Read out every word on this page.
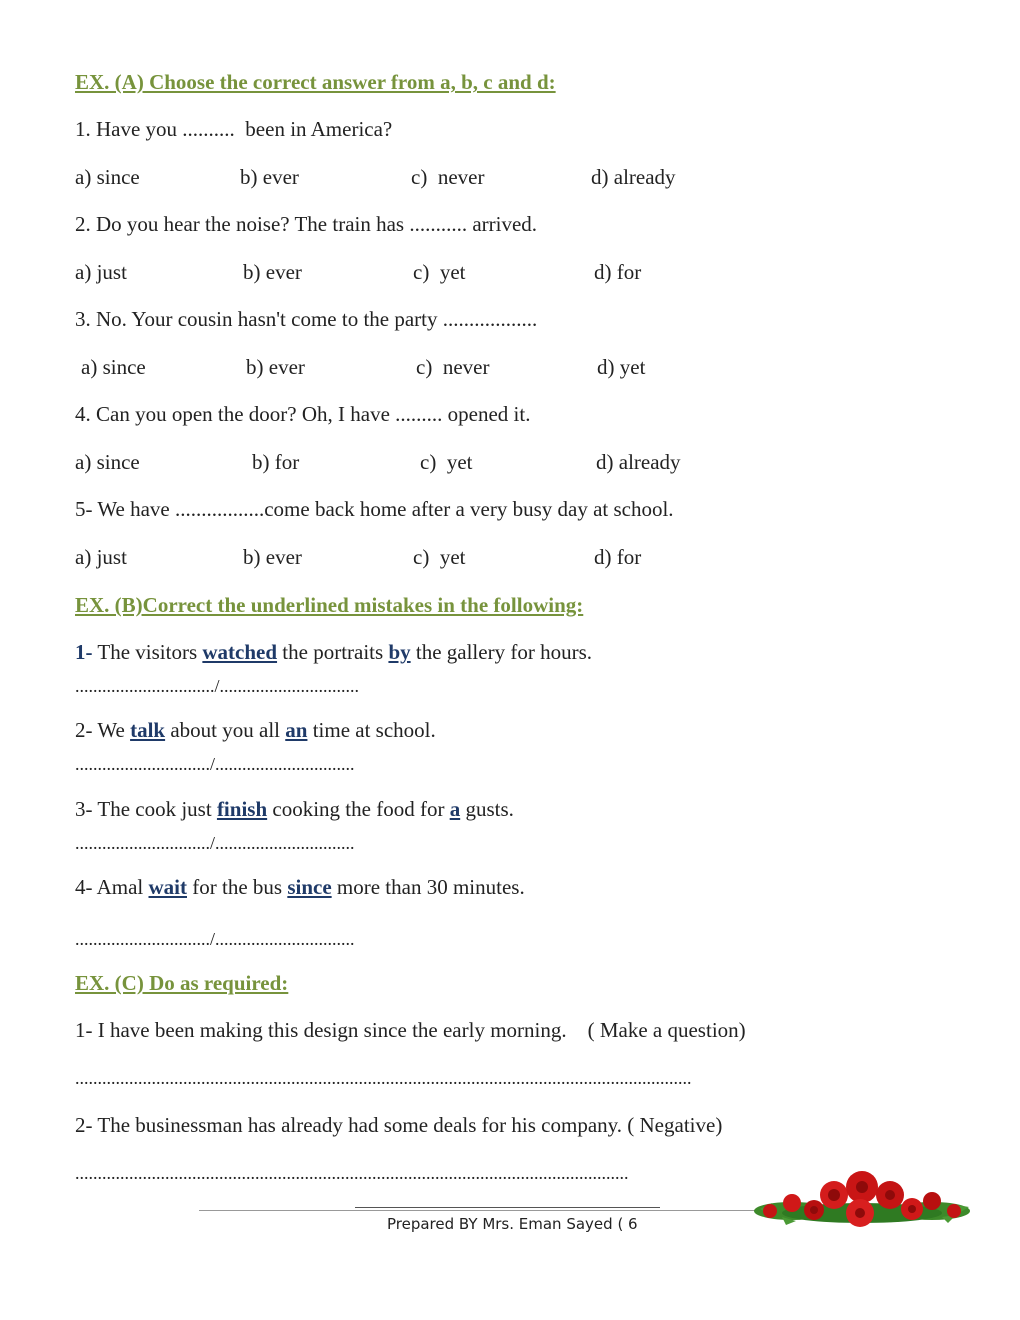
EX. (A) Choose the correct answer from a, b, c and d:
1. Have you ..........  been in America?
a) since	b) ever	c)  never	d) already
2. Do you hear the noise? The train has ........... arrived.
a) just	b) ever	c)  yet	d) for
3. No. Your cousin hasn't come to the party ..................
a) since	b) ever	c)  never	d) yet
4. Can you open the door? Oh, I have ......... opened it.
a) since	b) for	c)  yet	d) already
5- We have .................come back home after a very busy day at school.
a) just	b) ever	c)  yet	d) for
EX. (B)Correct the underlined mistakes in the following:
1- The visitors watched the portraits by the gallery for hours.
.............................../...............................
2- We talk about you all an time at school.
............................../...............................
3- The cook just finish cooking the food for a gusts.
............................../...............................
4- Amal wait for the bus since more than 30 minutes.
............................../...............................
EX. (C) Do as required:
1- I have been making this design since the early morning.    ( Make a question)
.........................................................................................................................................
2- The businessman has already had some deals for his company. ( Negative)
...........................................................................................................................
Prepared BY Mrs. Eman Sayed ( 6
